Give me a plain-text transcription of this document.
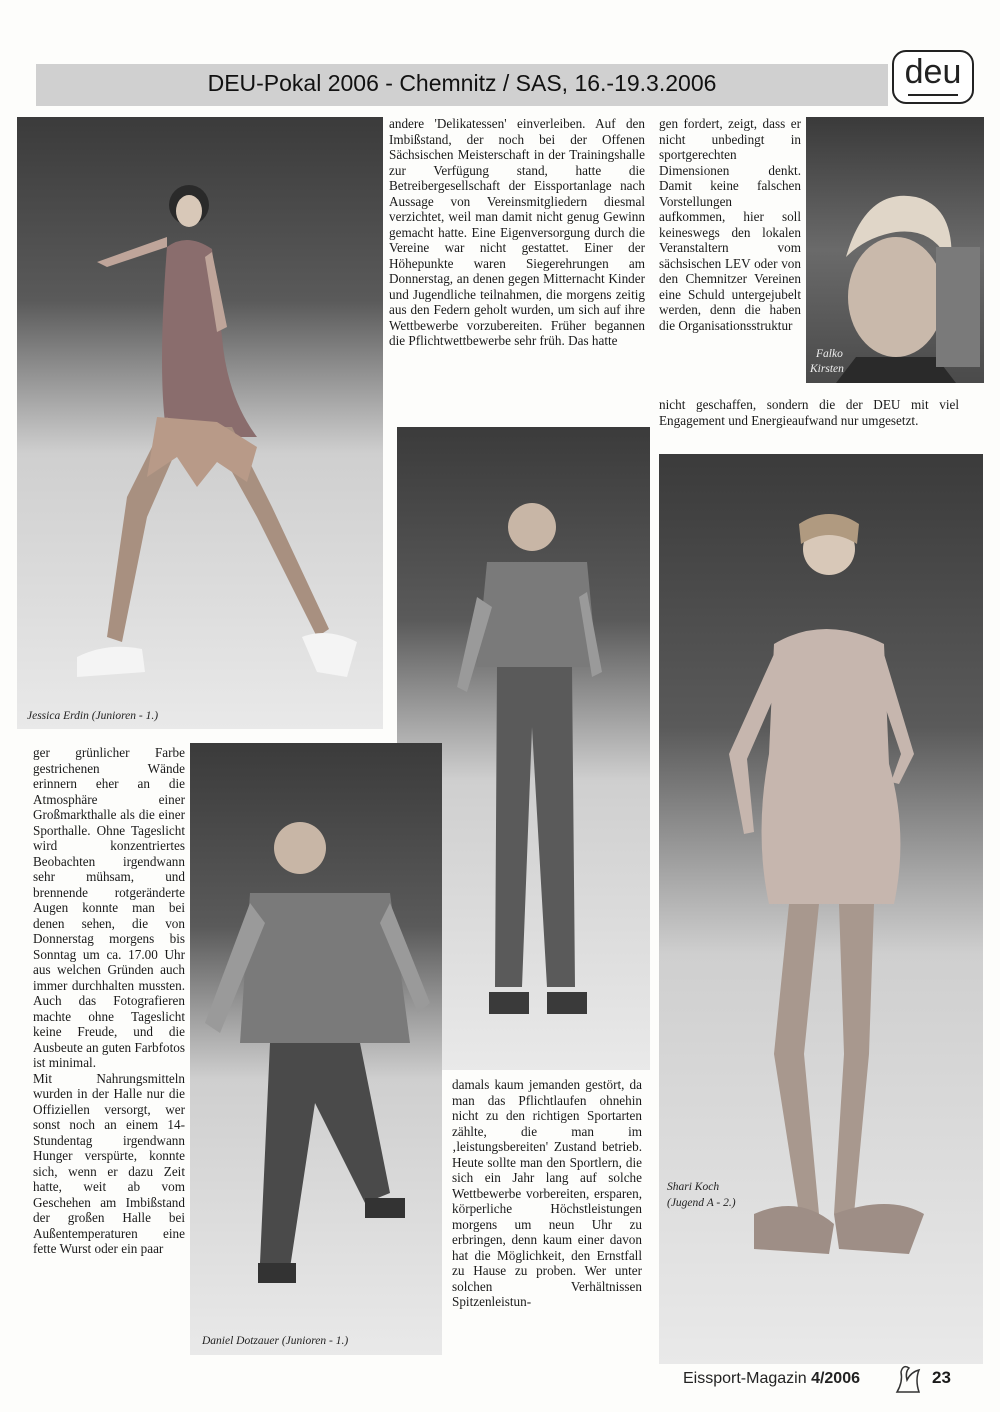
DEU-Pokal 2006 - Chemnitz / SAS, 16.-19.3.2006	deu
Jessica Erdin (Junioren - 1.)

andere 'Delikatessen' einverleiben. Auf den Imbißstand, der noch bei der Offenen Sächsischen Meisterschaft in der Trainingshalle zur Verfügung stand, hatte die Betreibergesellschaft der Eissportanlage nach Aussage von Vereinsmitgliedern diesmal verzichtet, weil man damit nicht genug Gewinn gemacht hatte. Eine Eigenversorgung durch die Vereine war nicht gestattet. Einer der Höhepunkte waren Siegerehrungen am Donnerstag, an denen gegen Mitternacht Kinder und Jugendliche teilnahmen, die morgens zeitig aus den Federn geholt wurden, um sich auf ihre Wettbewerbe vorzubereiten. Früher begannen die Pflichtwettbewerbe sehr früh. Das hatte

gen fordert, zeigt, dass er nicht unbedingt in sportgerechten Dimensionen denkt. Damit keine falschen Vorstellungen aufkommen, hier soll keineswegs den lokalen Veranstaltern vom sächsischen LEV oder von den Chemnitzer Vereinen eine Schuld untergejubelt werden, denn die haben die Organisationsstruktur

Falko
Kirsten

nicht geschaffen, sondern die der DEU mit viel Engagement und Energieaufwand nur umgesetzt.

Shari Koch
(Jugend A - 2.)

ger grünlicher Farbe gestrichenen Wände erinnern eher an die Atmosphäre einer Großmarkthalle als die einer Sporthalle. Ohne Tageslicht wird konzentriertes Beobachten irgendwann sehr mühsam, und brennende rotgeränderte Augen konnte man bei denen sehen, die von Donnerstag morgens bis Sonntag um ca. 17.00 Uhr aus welchen Gründen auch immer durchhalten mussten. Auch das Fotografieren machte ohne Tageslicht keine Freude, und die Ausbeute an guten Farbfotos ist minimal.

Mit Nahrungsmitteln wurden in der Halle nur die Offiziellen versorgt, wer sonst noch an einem 14-Stundentag irgendwann Hunger verspürte, konnte sich, wenn er dazu Zeit hatte, weit ab vom Geschehen am Imbißstand der großen Halle bei Außentemperaturen eine fette Wurst oder ein paar

Daniel Dotzauer (Junioren - 1.)

damals kaum jemanden gestört, da man das Pflichtlaufen ohnehin nicht zu den richtigen Sportarten zählte, die man im ‚leistungsbereiten' Zustand betrieb. Heute sollte man den Sportlern, die sich ein Jahr lang auf solche Wettbewerbe vorbereiten, ersparen, körperliche Höchstleistungen morgens um neun Uhr zu erbringen, denn kaum einer davon hat die Möglichkeit, den Ernstfall zu Hause zu proben. Wer unter solchen Verhältnissen Spitzenleistun-

Eissport-Magazin 4/2006	23
